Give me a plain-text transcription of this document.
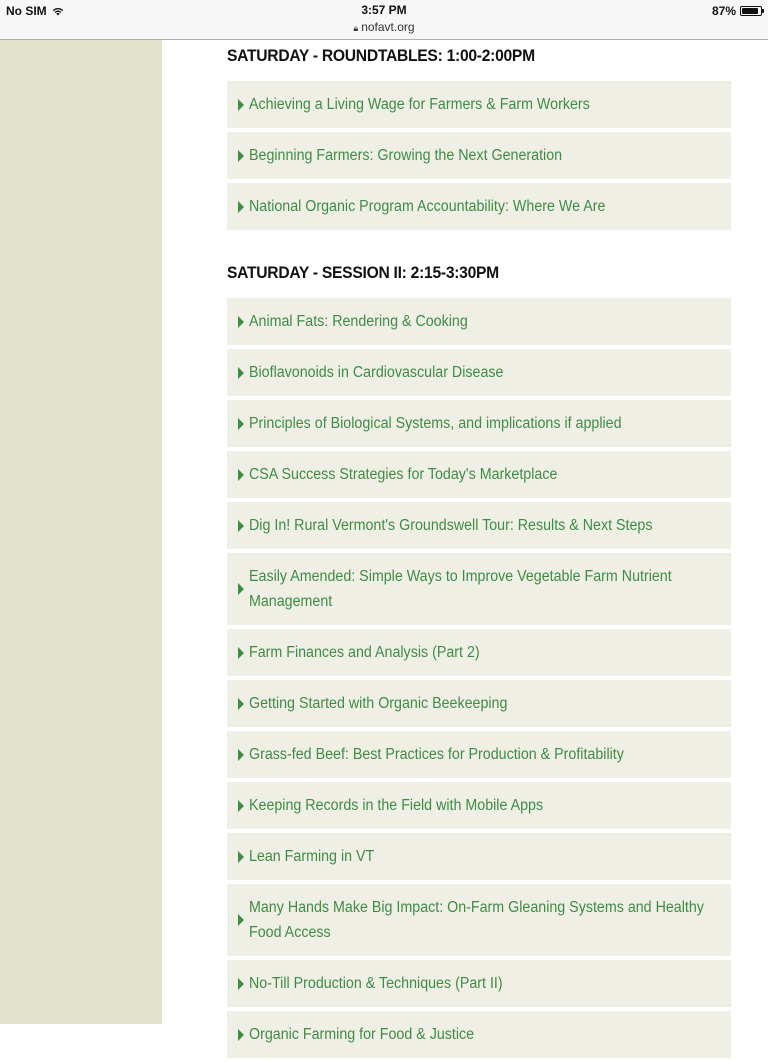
No SIM	3:57 PM
🔒︎ nofavt.org
87%
SATURDAY - ROUNDTABLES: 1:00-2:00PM
Achieving a Living Wage for Farmers & Farm Workers
Beginning Farmers: Growing the Next Generation
National Organic Program Accountability: Where We Are
SATURDAY - SESSION II: 2:15-3:30PM
Animal Fats: Rendering & Cooking
Bioflavonoids in Cardiovascular Disease
Principles of Biological Systems, and implications if applied
CSA Success Strategies for Today's Marketplace
Dig In! Rural Vermont's Groundswell Tour: Results & Next Steps
Easily Amended: Simple Ways to Improve Vegetable Farm Nutrient Management
Farm Finances and Analysis (Part 2)
Getting Started with Organic Beekeeping
Grass-fed Beef: Best Practices for Production & Profitability
Keeping Records in the Field with Mobile Apps
Lean Farming in VT
Many Hands Make Big Impact: On-Farm Gleaning Systems and Healthy Food Access
No-Till Production & Techniques (Part II)
Organic Farming for Food & Justice
